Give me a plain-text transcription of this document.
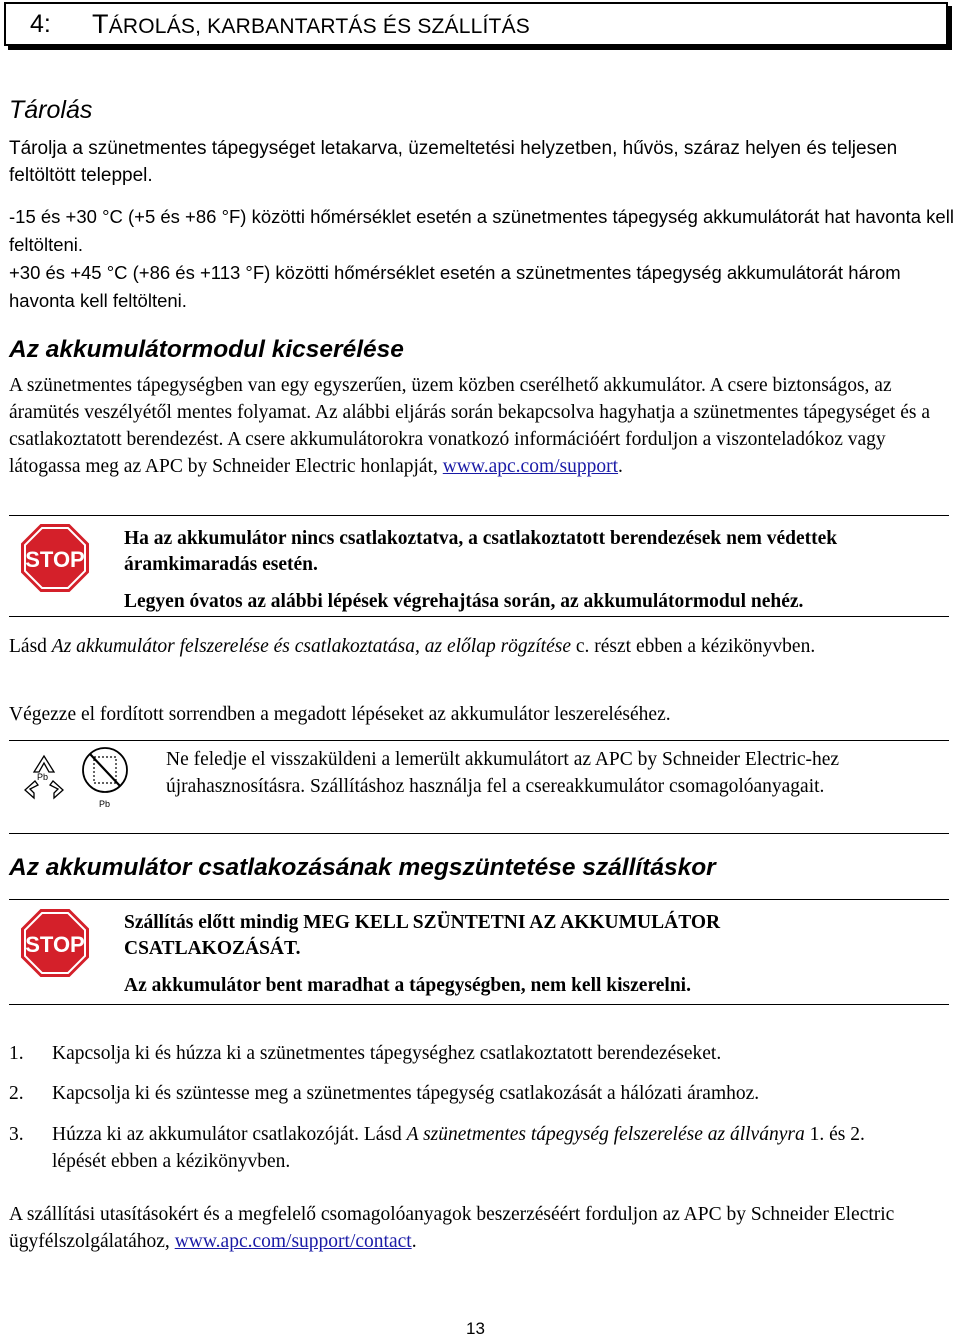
4:	TÁROLÁS, KARBANTARTÁS ÉS SZÁLLÍTÁS
Tárolás

Tárolja a szünetmentes tápegységet letakarva, üzemeltetési helyzetben, hűvös, száraz helyen és teljesen feltöltött teleppel.

-15 és +30 °C (+5 és +86 °F) közötti hőmérséklet esetén a szünetmentes tápegység akkumulátorát hat havonta kell feltölteni.

+30 és +45 °C (+86 és +113 °F) közötti hőmérséklet esetén a szünetmentes tápegység akkumulátorát három havonta kell feltölteni.

Az akkumulátormodul kicserélése

A szünetmentes tápegységben van egy egyszerűen, üzem közben cserélhető akkumulátor. A csere biztonságos, az áramütés veszélyétől mentes folyamat. Az alábbi eljárás során bekapcsolva hagyhatja a szünetmentes tápegységet és a csatlakoztatott berendezést. A csere akkumulátorokra vonatkozó információért forduljon a viszonteladókoz vagy látogassa meg az APC by Schneider Electric honlapját, www.apc.com/support.

STOP

Ha az akkumulátor nincs csatlakoztatva, a csatlakoztatott berendezések nem védettek áramkimaradás esetén.

Legyen óvatos az alábbi lépések végrehajtása során, az akkumulátormodul nehéz.

Lásd Az akkumulátor felszerelése és csatlakoztatása, az előlap rögzítése c. részt ebben a kézikönyvben.

Végezze el fordított sorrendben a megadott lépéseket az akkumulátor leszereléséhez.

Pb
Pb

Ne feledje el visszaküldeni a lemerült akkumulátort az APC by Schneider Electric-hez újrahasznosításra. Szállításhoz használja fel a csereakkumulátor csomagolóanyagait.

Az akkumulátor csatlakozásának megszüntetése szállításkor
STOP

Szállítás előtt mindig MEG KELL SZÜNTETNI AZ AKKUMULÁTOR CSATLAKOZÁSÁT.

Az akkumulátor bent maradhat a tápegységben, nem kell kiszerelni.

1. Kapcsolja ki és húzza ki a szünetmentes tápegységhez csatlakoztatott berendezéseket.
2. Kapcsolja ki és szüntesse meg a szünetmentes tápegység csatlakozását a hálózati áramhoz.
3. Húzza ki az akkumulátor csatlakozóját. Lásd A szünetmentes tápegység felszerelése az állványra 1. és 2. lépését ebben a kézikönyvben.

A szállítási utasításokért és a megfelelő csomagolóanyagok beszerzéséért forduljon az APC by Schneider Electric ügyfélszolgálatához, www.apc.com/support/contact.

13
